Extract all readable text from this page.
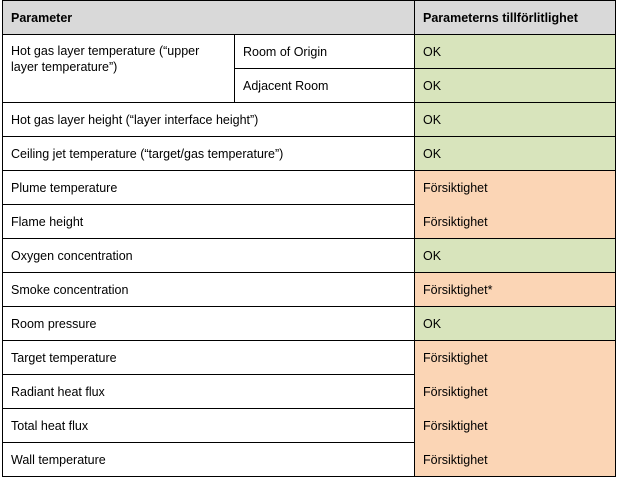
Parameter		Parameterns tillförlitlighet
Hot gas layer temperature (“upper layer temperature”)	Room of Origin	OK
	Adjacent Room	OK
Hot gas layer height (“layer interface height”)		OK
Ceiling jet temperature (“target/gas temperature”)		OK
Plume temperature		Försiktighet
Flame height		Försiktighet
Oxygen concentration		OK
Smoke concentration		Försiktighet*
Room pressure		OK
Target temperature		Försiktighet
Radiant heat flux		Försiktighet
Total heat flux		Försiktighet
Wall temperature		Försiktighet
